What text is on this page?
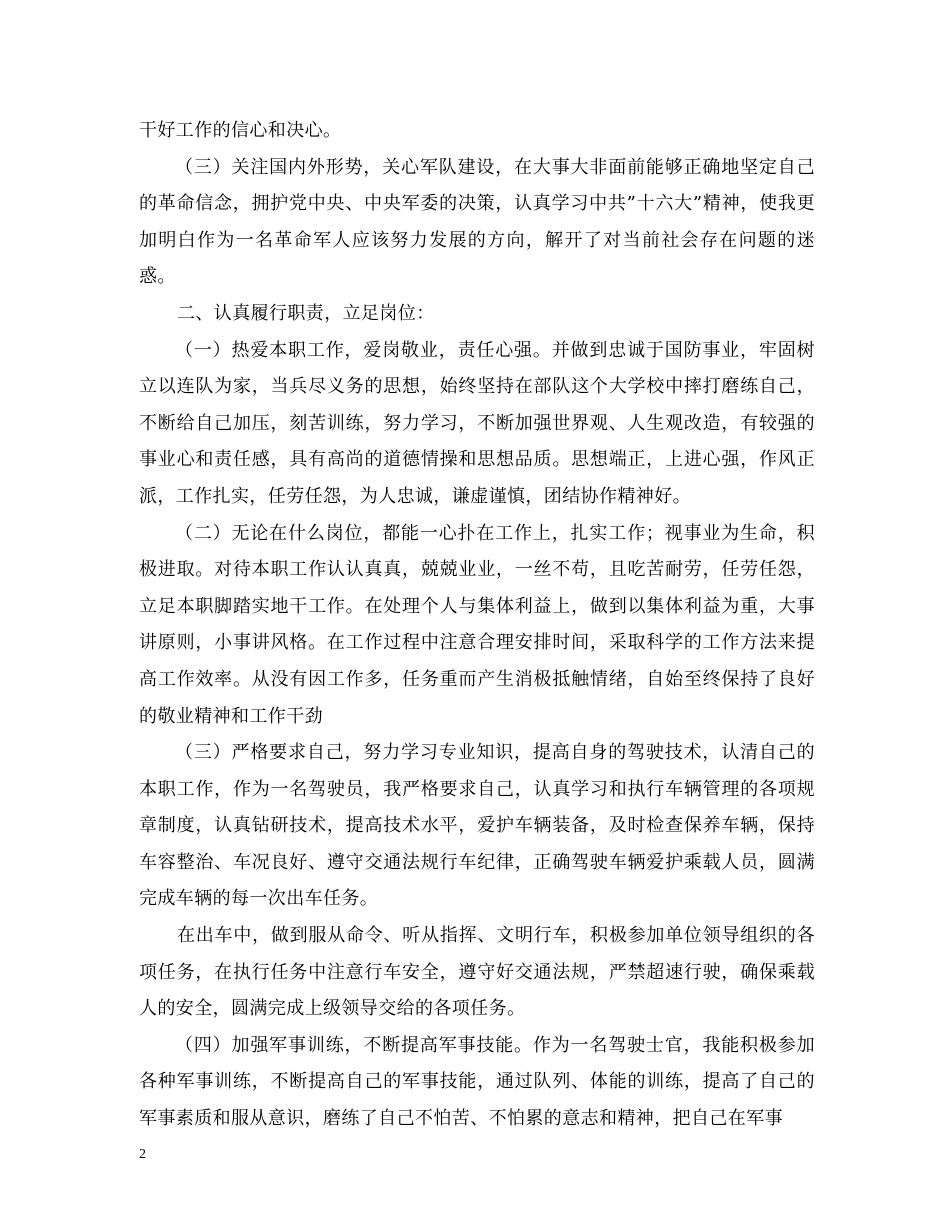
干好工作的信心和决心。

（三）关注国内外形势，关心军队建设，在大事大非面前能够正确地坚定自己的革命信念，拥护党中央、中央军委的决策，认真学习中共”十六大”精神，使我更加明白作为一名革命军人应该努力发展的方向，解开了对当前社会存在问题的迷惑。

二、认真履行职责，立足岗位：

（一）热爱本职工作，爱岗敬业，责任心强。并做到忠诚于国防事业，牢固树立以连队为家，当兵尽义务的思想，始终坚持在部队这个大学校中摔打磨练自己，不断给自己加压，刻苦训练，努力学习，不断加强世界观、人生观改造，有较强的事业心和责任感，具有高尚的道德情操和思想品质。思想端正，上进心强，作风正派，工作扎实，任劳任怨，为人忠诚，谦虚谨慎，团结协作精神好。

（二）无论在什么岗位，都能一心扑在工作上，扎实工作；视事业为生命，积极进取。对待本职工作认认真真，兢兢业业，一丝不苟，且吃苦耐劳，任劳任怨，立足本职脚踏实地干工作。在处理个人与集体利益上，做到以集体利益为重，大事讲原则，小事讲风格。在工作过程中注意合理安排时间，采取科学的工作方法来提高工作效率。从没有因工作多，任务重而产生消极抵触情绪，自始至终保持了良好的敬业精神和工作干劲

（三）严格要求自己，努力学习专业知识，提高自身的驾驶技术，认清自己的本职工作，作为一名驾驶员，我严格要求自己，认真学习和执行车辆管理的各项规章制度，认真钻研技术，提高技术水平，爱护车辆装备，及时检查保养车辆，保持车容整治、车况良好、遵守交通法规行车纪律，正确驾驶车辆爱护乘载人员，圆满完成车辆的每一次出车任务。

在出车中，做到服从命令、听从指挥、文明行车，积极参加单位领导组织的各项任务，在执行任务中注意行车安全，遵守好交通法规，严禁超速行驶，确保乘载人的安全，圆满完成上级领导交给的各项任务。

（四）加强军事训练，不断提高军事技能。作为一名驾驶士官，我能积极参加各种军事训练，不断提高自己的军事技能，通过队列、体能的训练，提高了自己的军事素质和服从意识，磨练了自己不怕苦、不怕累的意志和精神，把自己在军事

2
